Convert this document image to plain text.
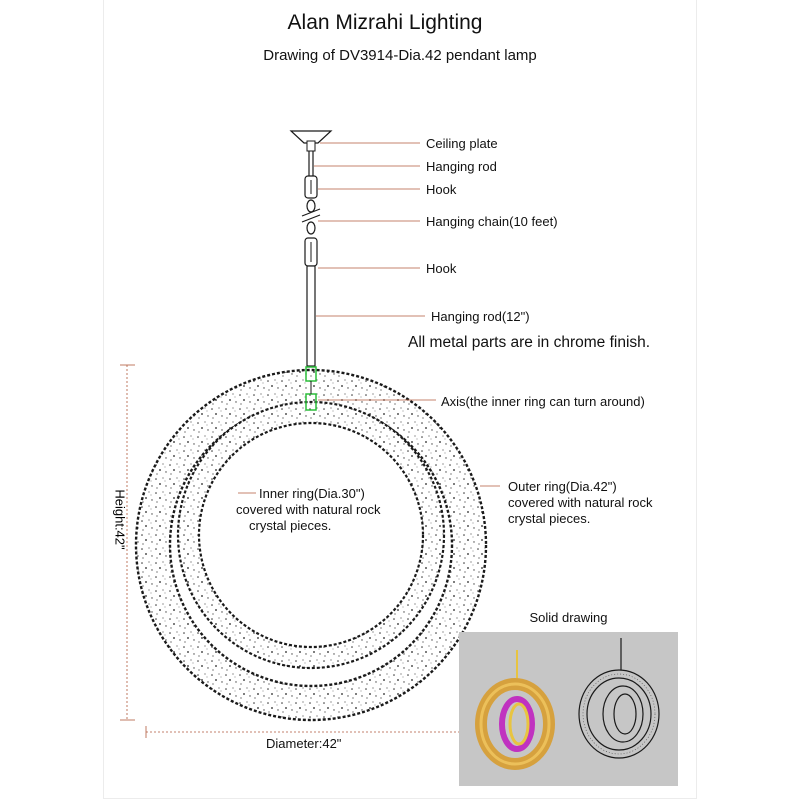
Alan Mizrahi Lighting
Drawing of DV3914-Dia.42 pendant lamp
Ceiling plate
Hanging rod
Hook
Hanging chain(10 feet)
Hook
Hanging rod(12")
All metal parts are in chrome finish.
Axis(the inner ring can turn around)
Inner ring(Dia.30")
covered with natural rock
crystal pieces.
Outer ring(Dia.42")
covered with natural rock
crystal pieces.
Height:42"
Diameter:42"
Solid drawing
